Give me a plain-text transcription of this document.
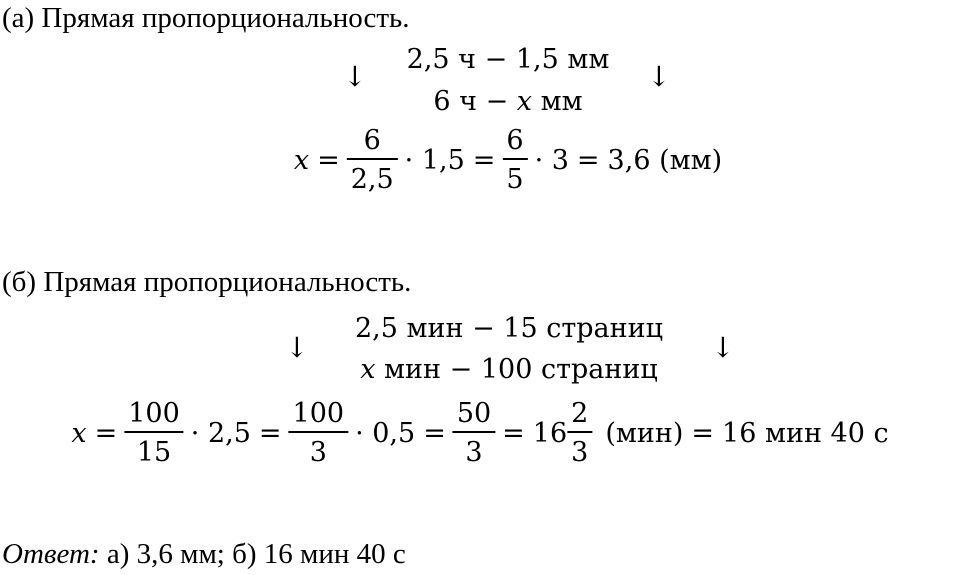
(а) Прямая пропорциональность.
↓	↓
2,5 ч − 1,5 мм
6 ч − x мм
$x = \frac{6}{2,5} \cdot 1,5 = \frac{6}{5} \cdot 3 = 3,6$ (мм)
(б) Прямая пропорциональность.
↓	↓
2,5 мин − 15 страниц
x мин − 100 страниц
$x = \frac{100}{15} \cdot 2,5 = \frac{100}{3} \cdot 0,5 = \frac{50}{3} = 16 \frac{2}{3} (мин) = 16$ мин 40 с
Ответ: а) 3,6 мм; б) 16 мин 40 с
